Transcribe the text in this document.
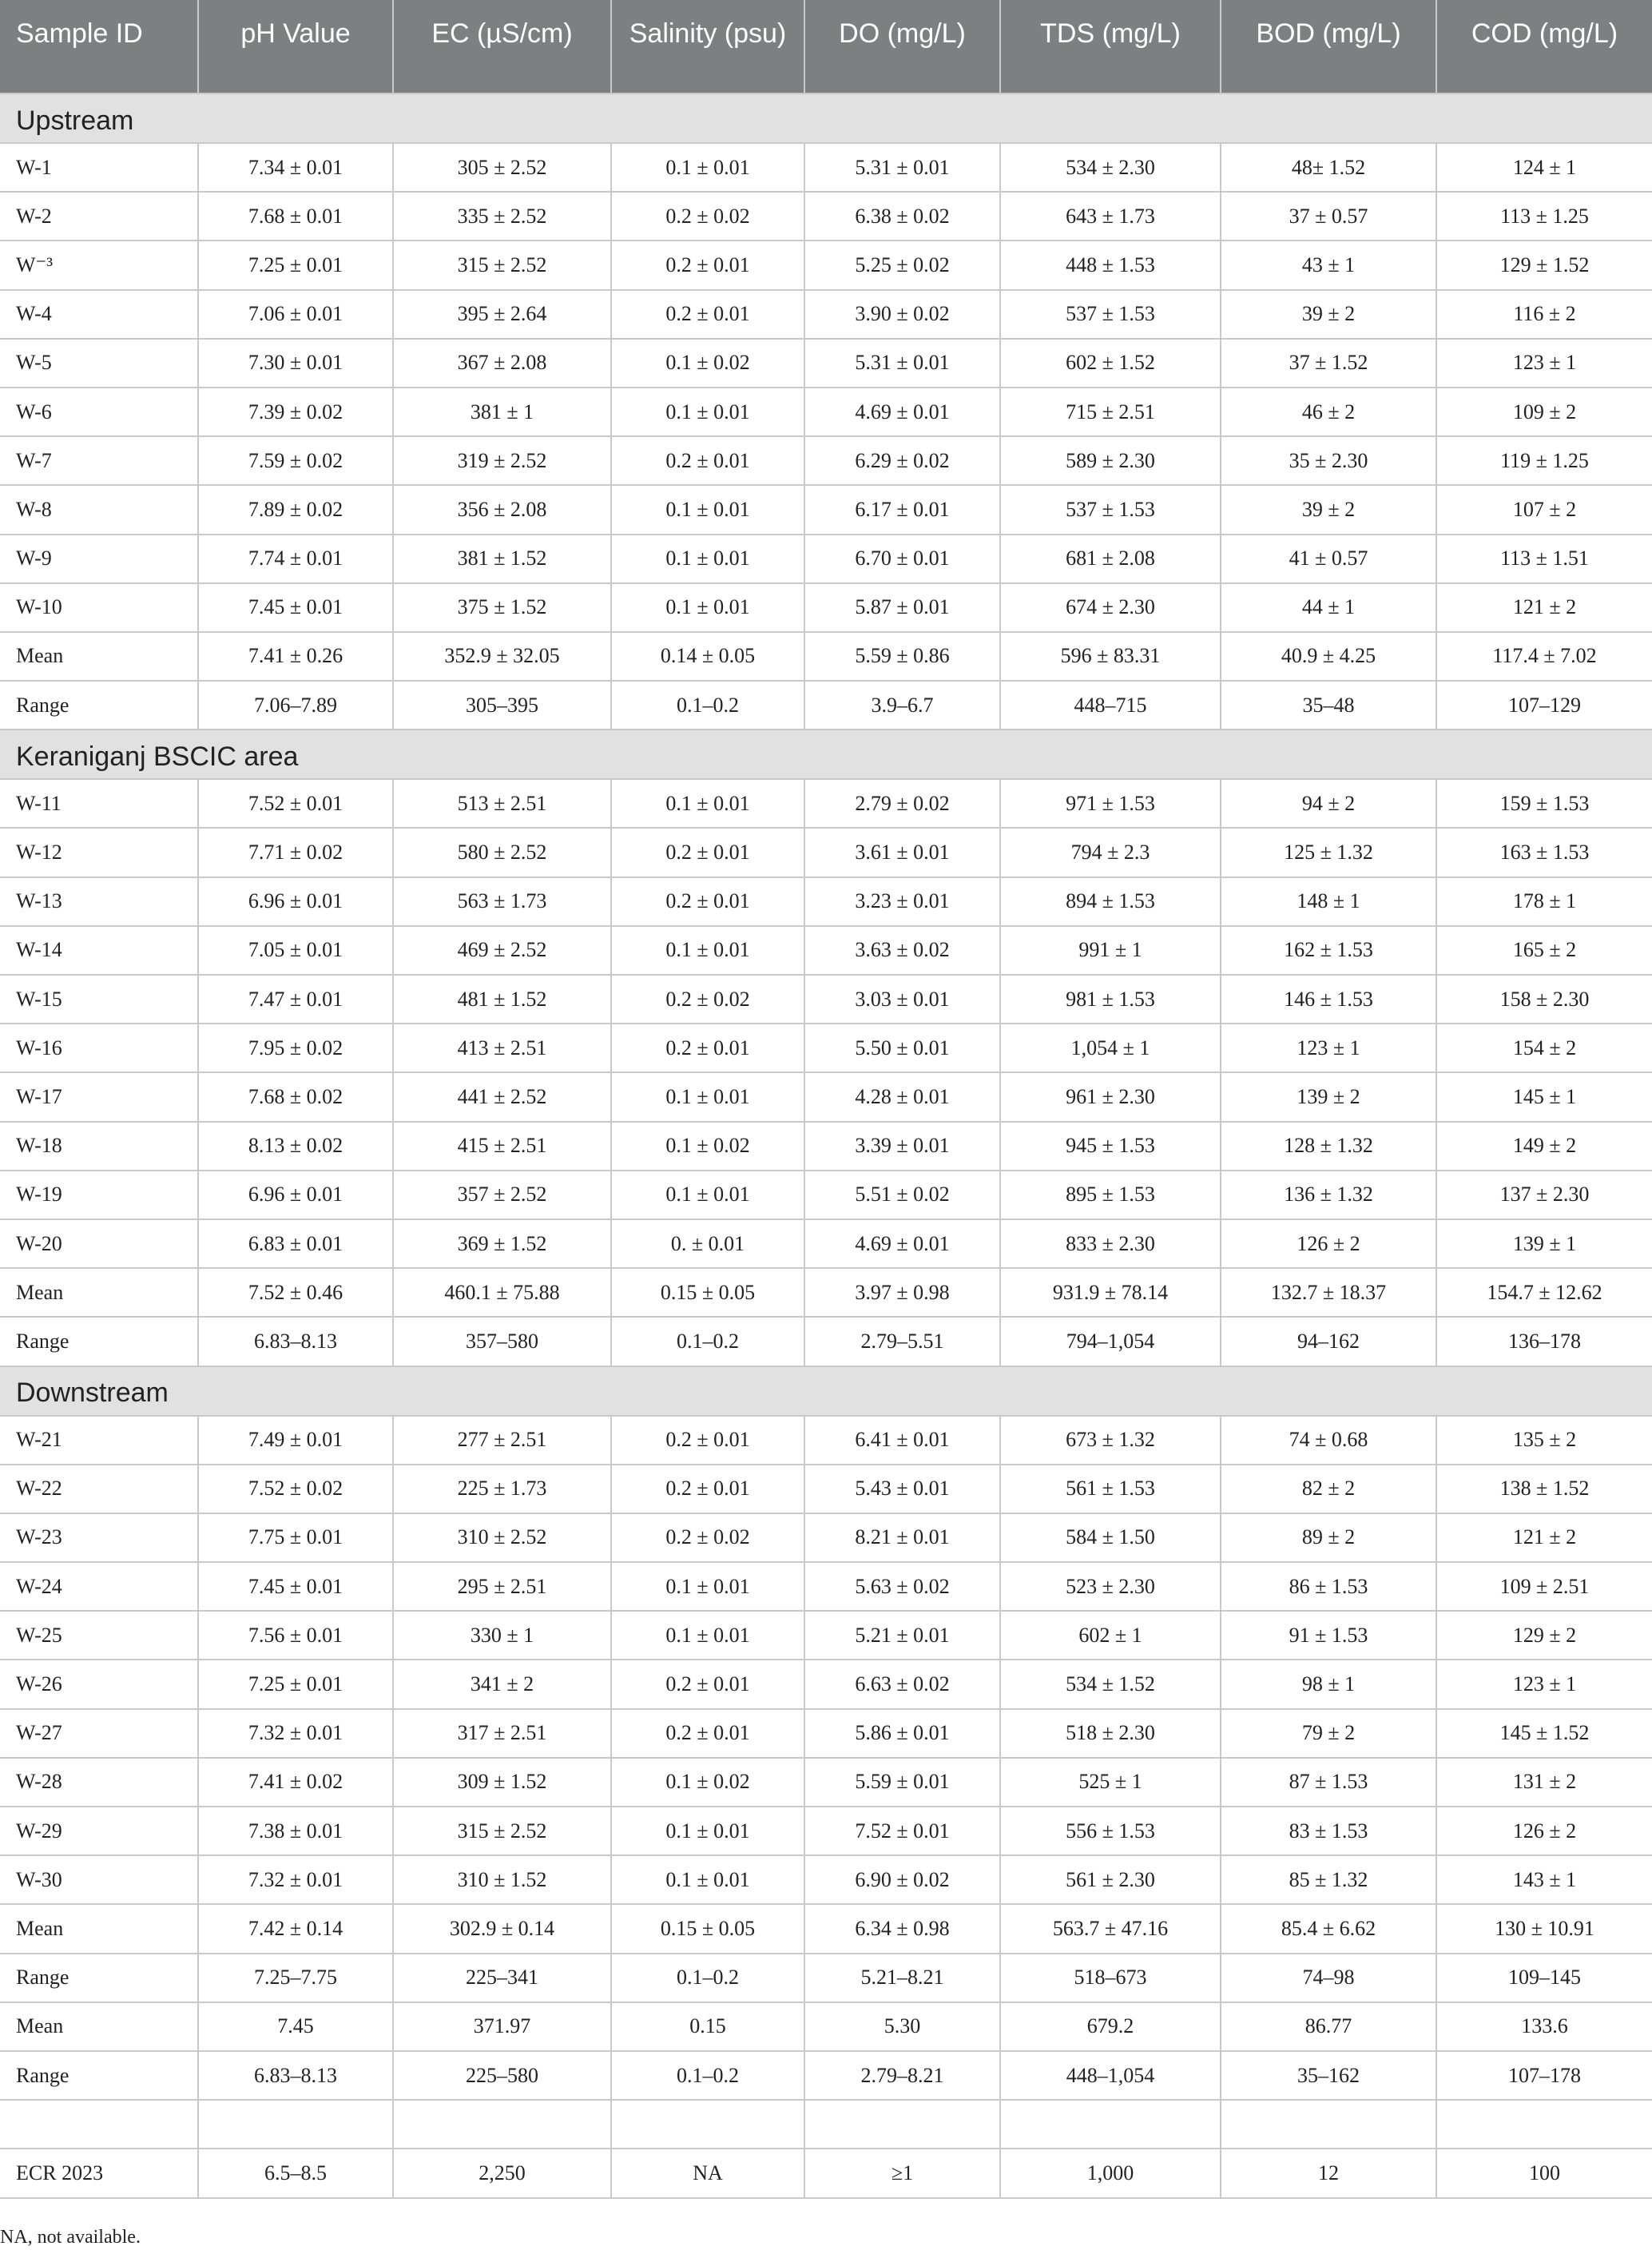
Sample ID	pH Value	EC (µS/cm)	Salinity (psu)	DO (mg/L)	TDS (mg/L)	BOD (mg/L)	COD (mg/L)
Upstream							
W-1	7.34 ± 0.01	305 ± 2.52	0.1 ± 0.01	5.31 ± 0.01	534 ± 2.30	48± 1.52	124 ± 1
W-2	7.68 ± 0.01	335 ± 2.52	0.2 ± 0.02	6.38 ± 0.02	643 ± 1.73	37 ± 0.57	113 ± 1.25
W⁻³	7.25 ± 0.01	315 ± 2.52	0.2 ± 0.01	5.25 ± 0.02	448 ± 1.53	43 ± 1	129 ± 1.52
W-4	7.06 ± 0.01	395 ± 2.64	0.2 ± 0.01	3.90 ± 0.02	537 ± 1.53	39 ± 2	116 ± 2
W-5	7.30 ± 0.01	367 ± 2.08	0.1 ± 0.02	5.31 ± 0.01	602 ± 1.52	37 ± 1.52	123 ± 1
W-6	7.39 ± 0.02	381 ± 1	0.1 ± 0.01	4.69 ± 0.01	715 ± 2.51	46 ± 2	109 ± 2
W-7	7.59 ± 0.02	319 ± 2.52	0.2 ± 0.01	6.29 ± 0.02	589 ± 2.30	35 ± 2.30	119 ± 1.25
W-8	7.89 ± 0.02	356 ± 2.08	0.1 ± 0.01	6.17 ± 0.01	537 ± 1.53	39 ± 2	107 ± 2
W-9	7.74 ± 0.01	381 ± 1.52	0.1 ± 0.01	6.70 ± 0.01	681 ± 2.08	41 ± 0.57	113 ± 1.51
W-10	7.45 ± 0.01	375 ± 1.52	0.1 ± 0.01	5.87 ± 0.01	674 ± 2.30	44 ± 1	121 ± 2
Mean	7.41 ± 0.26	352.9 ± 32.05	0.14 ± 0.05	5.59 ± 0.86	596 ± 83.31	40.9 ± 4.25	117.4 ± 7.02
Range	7.06–7.89	305–395	0.1–0.2	3.9–6.7	448–715	35–48	107–129
Keraniganj BSCIC area							
W-11	7.52 ± 0.01	513 ± 2.51	0.1 ± 0.01	2.79 ± 0.02	971 ± 1.53	94 ± 2	159 ± 1.53
W-12	7.71 ± 0.02	580 ± 2.52	0.2 ± 0.01	3.61 ± 0.01	794 ± 2.3	125 ± 1.32	163 ± 1.53
W-13	6.96 ± 0.01	563 ± 1.73	0.2 ± 0.01	3.23 ± 0.01	894 ± 1.53	148 ± 1	178 ± 1
W-14	7.05 ± 0.01	469 ± 2.52	0.1 ± 0.01	3.63 ± 0.02	991 ± 1	162 ± 1.53	165 ± 2
W-15	7.47 ± 0.01	481 ± 1.52	0.2 ± 0.02	3.03 ± 0.01	981 ± 1.53	146 ± 1.53	158 ± 2.30
W-16	7.95 ± 0.02	413 ± 2.51	0.2 ± 0.01	5.50 ± 0.01	1,054 ± 1	123 ± 1	154 ± 2
W-17	7.68 ± 0.02	441 ± 2.52	0.1 ± 0.01	4.28 ± 0.01	961 ± 2.30	139 ± 2	145 ± 1
W-18	8.13 ± 0.02	415 ± 2.51	0.1 ± 0.02	3.39 ± 0.01	945 ± 1.53	128 ± 1.32	149 ± 2
W-19	6.96 ± 0.01	357 ± 2.52	0.1 ± 0.01	5.51 ± 0.02	895 ± 1.53	136 ± 1.32	137 ± 2.30
W-20	6.83 ± 0.01	369 ± 1.52	0. ± 0.01	4.69 ± 0.01	833 ± 2.30	126 ± 2	139 ± 1
Mean	7.52 ± 0.46	460.1 ± 75.88	0.15 ± 0.05	3.97 ± 0.98	931.9 ± 78.14	132.7 ± 18.37	154.7 ± 12.62
Range	6.83–8.13	357–580	0.1–0.2	2.79–5.51	794–1,054	94–162	136–178
Downstream							
W-21	7.49 ± 0.01	277 ± 2.51	0.2 ± 0.01	6.41 ± 0.01	673 ± 1.32	74 ± 0.68	135 ± 2
W-22	7.52 ± 0.02	225 ± 1.73	0.2 ± 0.01	5.43 ± 0.01	561 ± 1.53	82 ± 2	138 ± 1.52
W-23	7.75 ± 0.01	310 ± 2.52	0.2 ± 0.02	8.21 ± 0.01	584 ± 1.50	89 ± 2	121 ± 2
W-24	7.45 ± 0.01	295 ± 2.51	0.1 ± 0.01	5.63 ± 0.02	523 ± 2.30	86 ± 1.53	109 ± 2.51
W-25	7.56 ± 0.01	330 ± 1	0.1 ± 0.01	5.21 ± 0.01	602 ± 1	91 ± 1.53	129 ± 2
W-26	7.25 ± 0.01	341 ± 2	0.2 ± 0.01	6.63 ± 0.02	534 ± 1.52	98 ± 1	123 ± 1
W-27	7.32 ± 0.01	317 ± 2.51	0.2 ± 0.01	5.86 ± 0.01	518 ± 2.30	79 ± 2	145 ± 1.52
W-28	7.41 ± 0.02	309 ± 1.52	0.1 ± 0.02	5.59 ± 0.01	525 ± 1	87 ± 1.53	131 ± 2
W-29	7.38 ± 0.01	315 ± 2.52	0.1 ± 0.01	7.52 ± 0.01	556 ± 1.53	83 ± 1.53	126 ± 2
W-30	7.32 ± 0.01	310 ± 1.52	0.1 ± 0.01	6.90 ± 0.02	561 ± 2.30	85 ± 1.32	143 ± 1
Mean	7.42 ± 0.14	302.9 ± 0.14	0.15 ± 0.05	6.34 ± 0.98	563.7 ± 47.16	85.4 ± 6.62	130 ± 10.91
Range	7.25–7.75	225–341	0.1–0.2	5.21–8.21	518–673	74–98	109–145
Mean	7.45	371.97	0.15	5.30	679.2	86.77	133.6
Range	6.83–8.13	225–580	0.1–0.2	2.79–8.21	448–1,054	35–162	107–178

ECR 2023	6.5–8.5	2,250	NA	≥1	1,000	12	100
NA, not available.
